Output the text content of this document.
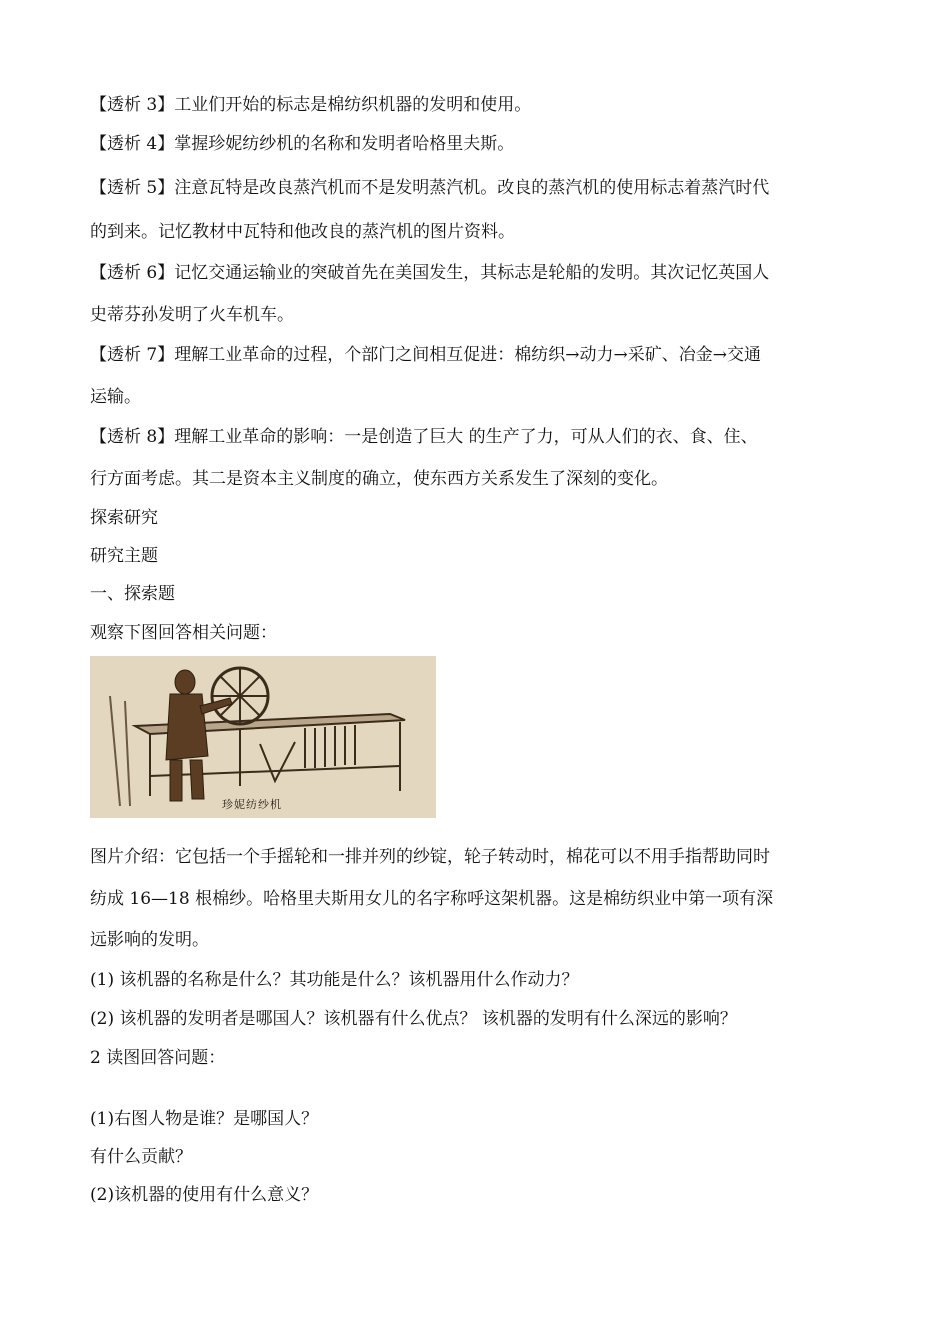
【透析 3】工业们开始的标志是棉纺织机器的发明和使用。
【透析 4】掌握珍妮纺纱机的名称和发明者哈格里夫斯。
【透析 5】注意瓦特是改良蒸汽机而不是发明蒸汽机。改良的蒸汽机的使用标志着蒸汽时代
的到来。记忆教材中瓦特和他改良的蒸汽机的图片资料。
【透析 6】记忆交通运输业的突破首先在美国发生，其标志是轮船的发明。其次记忆英国人
史蒂芬孙发明了火车机车。
【透析 7】理解工业革命的过程，个部门之间相互促进：棉纺织→动力→采矿、冶金→交通
运输。
【透析 8】理解工业革命的影响：一是创造了巨大 的生产了力，可从人们的衣、食、住、
行方面考虑。其二是资本主义制度的确立，使东西方关系发生了深刻的变化。
探索研究
研究主题
一、探索题
观察下图回答相关问题：
珍妮纺纱机
图片介绍：它包括一个手摇轮和一排并列的纱锭，轮子转动时，棉花可以不用手指帮助同时
纺成 16—18 根棉纱。哈格里夫斯用女儿的名字称呼这架机器。这是棉纺织业中第一项有深
远影响的发明。
(1) 该机器的名称是什么？其功能是什么？该机器用什么作动力？
(2) 该机器的发明者是哪国人？该机器有什么优点？ 该机器的发明有什么深远的影响？
2 读图回答问题：
(1)右图人物是谁？是哪国人？
有什么贡献？
(2)该机器的使用有什么意义？
